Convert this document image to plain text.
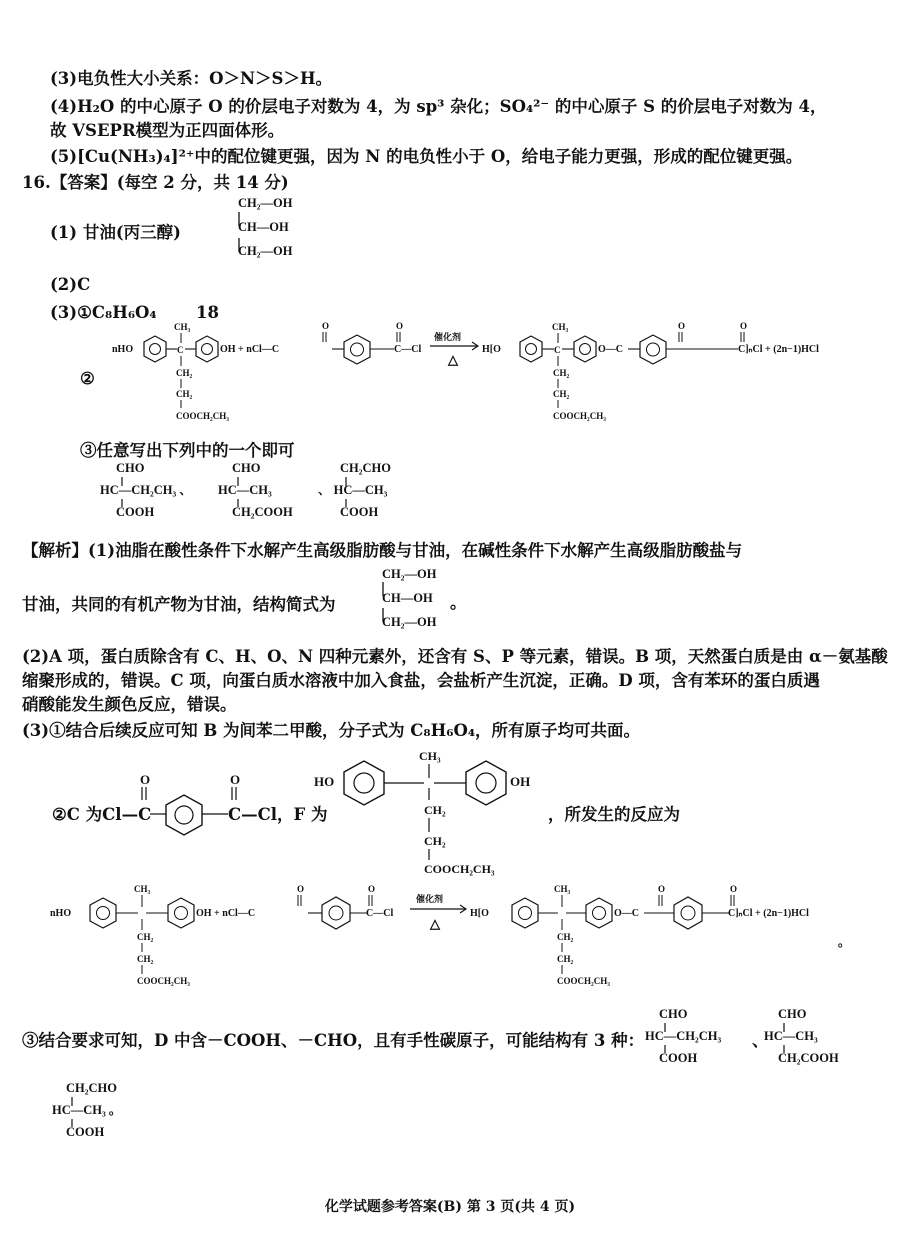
(3)电负性大小关系：O＞N＞S＞H。
(4)H₂O 的中心原子 O 的价层电子对数为 4，为 sp³ 杂化；SO₄²⁻ 的中心原子 S 的价层电子对数为 4，
故 VSEPR模型为正四面体形。
(5)[Cu(NH₃)₄]²⁺中的配位键更强，因为 N 的电负性小于 O，给电子能力更强，形成的配位键更强。
16.【答案】(每空 2 分，共 14 分)
(1) 甘油(丙三醇)
CH₂—OH
CH—OH
CH₂—OH
(2)C
(3)①C₈H₆O₄ 18
②
nHO
CH₃
C
CH₂
CH₂
COOCH₂CH₃
OH + nCl—C
O	O
C—Cl
催化剂
△
H[O
CH₃
C
CH₂
CH₂
COOCH₂CH₃
O—C
O	O
C]ₙCl + (2n−1)HCl
③任意写出下列中的一个即可
CHO
HC—CH₂CH₃ 、
COOH
CHO
HC—CH₃
CH₂COOH
CH₂CHO
、 HC—CH₃
COOH
【解析】(1)油脂在酸性条件下水解产生高级脂肪酸与甘油，在碱性条件下水解产生高级脂肪酸盐与
甘油，共同的有机产物为甘油，结构简式为
CH₂—OH
CH—OH
CH₂—OH
。
(2)A 项，蛋白质除含有 C、H、O、N 四种元素外，还含有 S、P 等元素，错误。B 项，天然蛋白质是由 α－氨基酸
缩聚形成的，错误。C 项，向蛋白质水溶液中加入食盐，会盐析产生沉淀，正确。D 项，含有苯环的蛋白质遇
硝酸能发生颜色反应，错误。
(3)①结合后续反应可知 B 为间苯二甲酸，分子式为 C₈H₆O₄，所有原子均可共面。
②C 为Cl—C
O	O
C—Cl，F 为
HO
CH₃
OH
CH₂
CH₂
COOCH₂CH₃
，所发生的反应为
nHO
CH₃
CH₂
CH₂
COOCH₂CH₃
OH + nCl—C
O	O
C—Cl
催化剂
△
H[O
CH₃
CH₂
CH₂
COOCH₂CH₃
O—C
O	O
C]ₙCl + (2n−1)HCl
。
③结合要求可知，D 中含－COOH、－CHO，且有手性碳原子，可能结构有 3 种：
CHO
HC—CH₂CH₃
COOH
、
CHO
HC—CH₃
CH₂COOH
CH₂CHO
HC—CH₃ 。
COOH
化学试题参考答案(B) 第 3 页(共 4 页)
